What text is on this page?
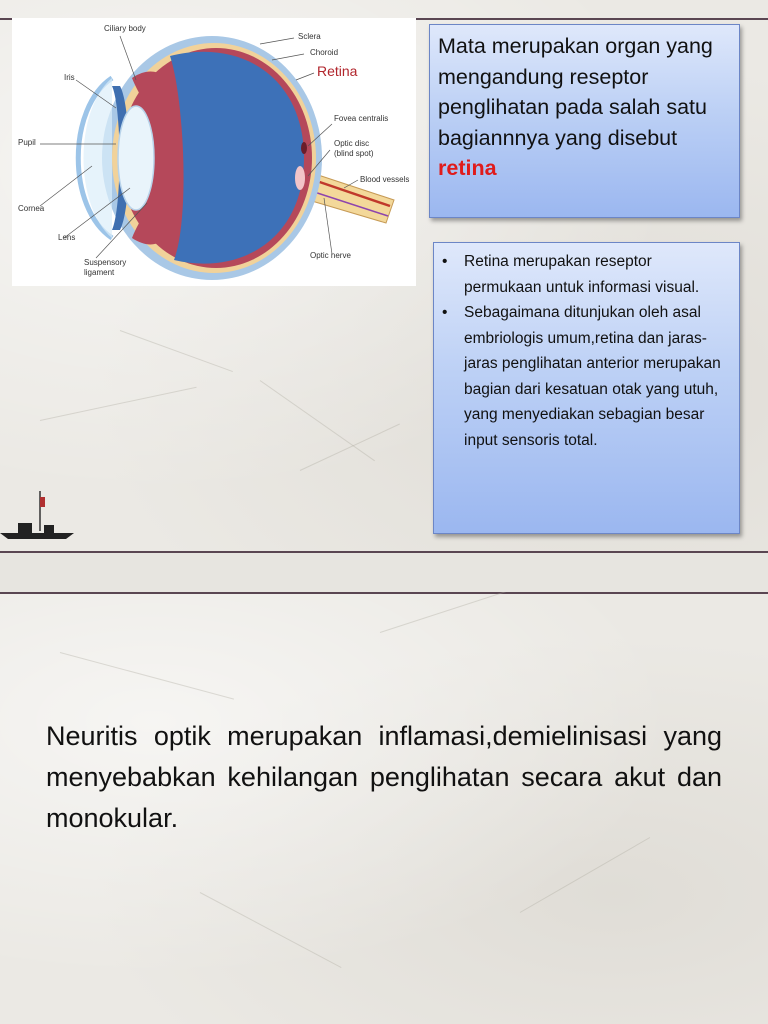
Ciliary body
Sclera
Choroid
Retina
Iris
Pupil
Cornea
Lens
Suspensory
ligament
Fovea centralis
Optic disc
(blind spot)
Blood vessels
Optic nerve
Mata merupakan organ yang mengandung reseptor penglihatan pada salah satu bagiannnya yang disebut retina
• Retina merupakan reseptor permukaan untuk informasi visual.
• Sebagaimana ditunjukan oleh asal embriologis umum,retina dan jaras-jaras penglihatan anterior merupakan bagian dari kesatuan otak yang utuh, yang menyediakan sebagian besar input sensoris total.
Neuritis optik merupakan inflamasi,demielinisasi yang menyebabkan kehilangan penglihatan secara akut dan monokular.
